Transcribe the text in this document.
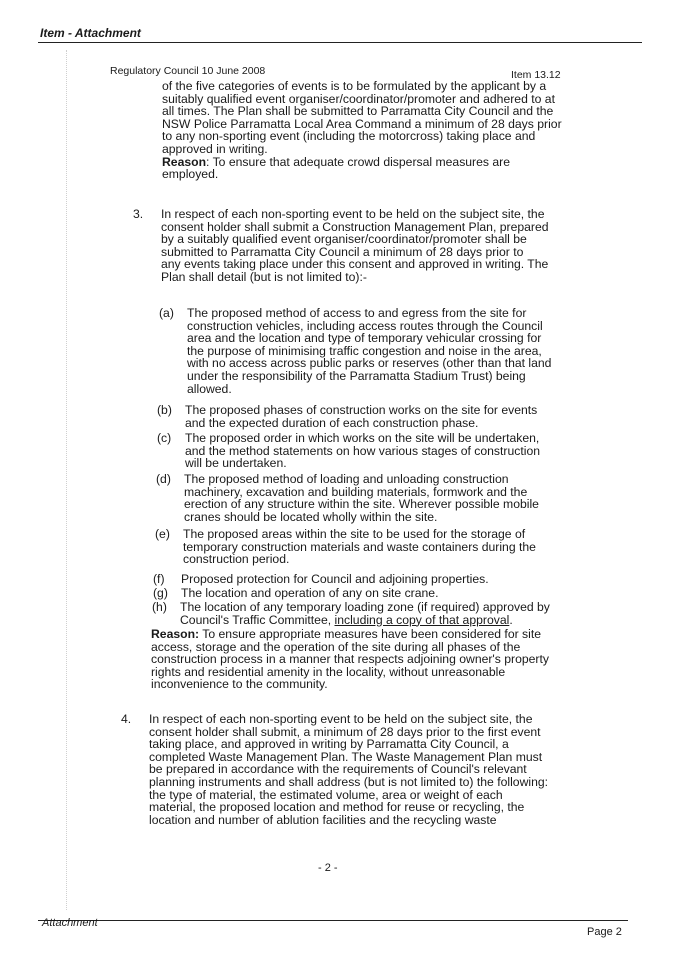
Item - Attachment
Regulatory Council 10 June 2008	Item 13.12
of the five categories of events is to be formulated by the applicant by a
suitably qualified event organiser/coordinator/promoter and adhered to at
all times. The Plan shall be submitted to Parramatta City Council and the
NSW Police Parramatta Local Area Command a minimum of 28 days prior
to any non-sporting event (including the motorcross) taking place and
approved in writing.
Reason: To ensure that adequate crowd dispersal measures are
employed.
3. In respect of each non-sporting event to be held on the subject site, the
consent holder shall submit a Construction Management Plan, prepared
by a suitably qualified event organiser/coordinator/promoter shall be
submitted to Parramatta City Council a minimum of 28 days prior to
any events taking place under this consent and approved in writing. The
Plan shall detail (but is not limited to):-
(a) The proposed method of access to and egress from the site for
construction vehicles, including access routes through the Council
area and the location and type of temporary vehicular crossing for
the purpose of minimising traffic congestion and noise in the area,
with no access across public parks or reserves (other than that land
under the responsibility of the Parramatta Stadium Trust) being
allowed.
(b) The proposed phases of construction works on the site for events
and the expected duration of each construction phase.
(c) The proposed order in which works on the site will be undertaken,
and the method statements on how various stages of construction
will be undertaken.
(d) The proposed method of loading and unloading construction
machinery, excavation and building materials, formwork and the
erection of any structure within the site. Wherever possible mobile
cranes should be located wholly within the site.
(e) The proposed areas within the site to be used for the storage of
temporary construction materials and waste containers during the
construction period.
(f) Proposed protection for Council and adjoining properties.
(g) The location and operation of any on site crane.
(h) The location of any temporary loading zone (if required) approved by
Council's Traffic Committee, including a copy of that approval.
Reason: To ensure appropriate measures have been considered for site
access, storage and the operation of the site during all phases of the
construction process in a manner that respects adjoining owner's property
rights and residential amenity in the locality, without unreasonable
inconvenience to the community.
4. In respect of each non-sporting event to be held on the subject site, the
consent holder shall submit, a minimum of 28 days prior to the first event
taking place, and approved in writing by Parramatta City Council, a
completed Waste Management Plan. The Waste Management Plan must
be prepared in accordance with the requirements of Council's relevant
planning instruments and shall address (but is not limited to) the following:
the type of material, the estimated volume, area or weight of each
material, the proposed location and method for reuse or recycling, the
location and number of ablution facilities and the recycling waste
- 2 -
Attachment
Page 2
